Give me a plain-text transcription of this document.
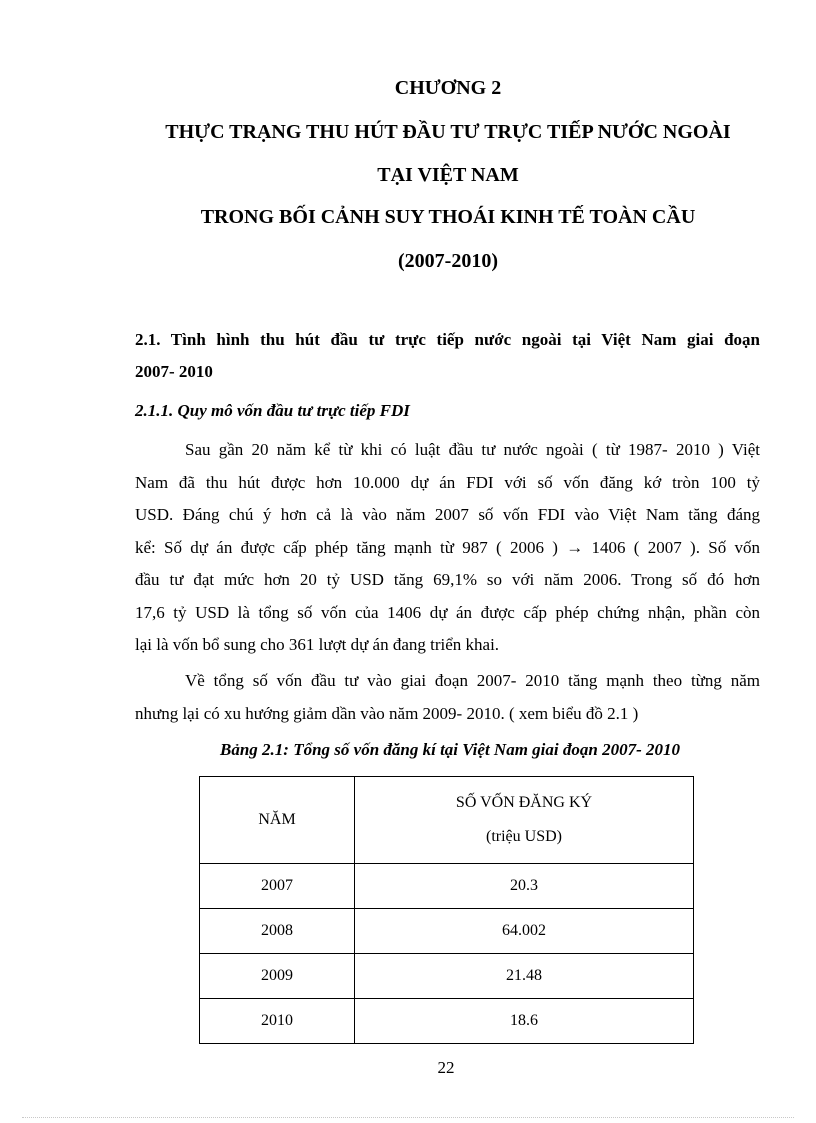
CHƯƠNG 2
THỰC TRẠNG THU HÚT ĐẦU TƯ TRỰC TIẾP NƯỚC NGOÀI
TẠI VIỆT NAM
TRONG BỐI CẢNH SUY THOÁI KINH TẾ TOÀN CẦU
(2007-2010)
2.1. Tình hình thu hút đầu tư trực tiếp nước ngoài tại Việt Nam giai đoạn
2007- 2010
2.1.1. Quy mô vốn đầu tư trực tiếp FDI
Sau gần 20 năm kể từ khi có luật đầu tư nước ngoài ( từ 1987- 2010 ) Việt
Nam đã thu hút được hơn 10.000 dự án FDI với số vốn đăng kớ tròn 100 tỷ
USD. Đáng chú ý hơn cả là vào năm 2007 số vốn FDI vào Việt Nam tăng đáng
kể: Số dự án được cấp phép tăng mạnh từ 987 ( 2006 ) → 1406 ( 2007 ). Số vốn
đầu tư đạt mức hơn 20 tỷ USD tăng 69,1% so với năm 2006. Trong số đó hơn
17,6 tỷ USD là tổng số vốn của 1406 dự án được cấp phép chứng nhận, phần còn
lại là vốn bổ sung cho 361 lượt dự án đang triển khai.
Về tổng số vốn đầu tư vào giai đoạn 2007- 2010 tăng mạnh theo từng năm
nhưng lại có xu hướng giảm dần vào năm 2009- 2010. ( xem biểu đồ 2.1 )
Bảng 2.1: Tổng số vốn đăng kí tại Việt Nam giai đoạn 2007- 2010
NĂM	SỐ VỐN ĐĂNG KÝ
(triệu USD)
2007	20.3
2008	64.002
2009	21.48
2010	18.6
22
